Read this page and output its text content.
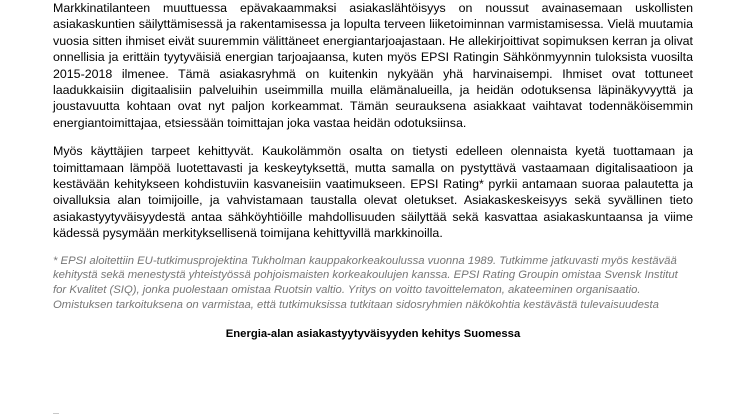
Markkinatilanteen muuttuessa epävakaammaksi asiakaslähtöisyys on noussut avainasemaan uskollisten asiakaskuntien säilyttämisessä ja rakentamisessa ja lopulta terveen liiketoiminnan varmistamisessa. Vielä muutamia vuosia sitten ihmiset eivät suuremmin välittäneet energiantarjoajastaan. He allekirjoittivat sopimuksen kerran ja olivat onnellisia ja erittäin tyytyväisiä energian tarjoajaansa, kuten myös EPSI Ratingin Sähkönmyynnin tuloksista vuosilta 2015-2018 ilmenee. Tämä asiakasryhmä on kuitenkin nykyään yhä harvinaisempi. Ihmiset ovat tottuneet laadukkaisiin digitaalisiin palveluihin useimmilla muilla elämänalueilla, ja heidän odotuksensa läpinäkyvyyttä ja joustavuutta kohtaan ovat nyt paljon korkeammat. Tämän seurauksena asiakkaat vaihtavat todennäköisemmin energiantoimittajaa, etsiessään toimittajan joka vastaa heidän odotuksiinsa.

Myös käyttäjien tarpeet kehittyvät. Kaukolämmön osalta on tietysti edelleen olennaista kyetä tuottamaan ja toimittamaan lämpöä luotettavasti ja keskeytyksettä, mutta samalla on pystyttävä vastaamaan digitalisaatioon ja kestävään kehitykseen kohdistuviin kasvaneisiin vaatimukseen. EPSI Rating* pyrkii antamaan suoraa palautetta ja oivalluksia alan toimijoille, ja vahvistamaan taustalla olevat oletukset. Asiakaskeskeisyys sekä syvällinen tieto asiakastyytyväisyydestä antaa sähköyhtiöille mahdollisuuden säilyttää sekä kasvattaa asiakaskuntaansa ja viime kädessä pysymään merkityksellisenä toimijana kehittyvillä markkinoilla.

* EPSI aloitettiin EU-tutkimusprojektina Tukholman kauppakorkeakoulussa vuonna 1989. Tutkimme jatkuvasti myös kestävää kehitystä sekä menestystä yhteistyössä pohjoismaisten korkeakoulujen kanssa. EPSI Rating Groupin omistaa Svensk Institut for Kvalitet (SIQ), jonka puolestaan omistaa Ruotsin valtio. Yritys on voitto tavoittelematon, akateeminen organisaatio. Omistuksen tarkoituksena on varmistaa, että tutkimuksissa tutkitaan sidosryhmien näkökohtia kestävästä tulevaisuudesta

Energia-alan asiakastyytyväisyyden kehitys Suomessa
